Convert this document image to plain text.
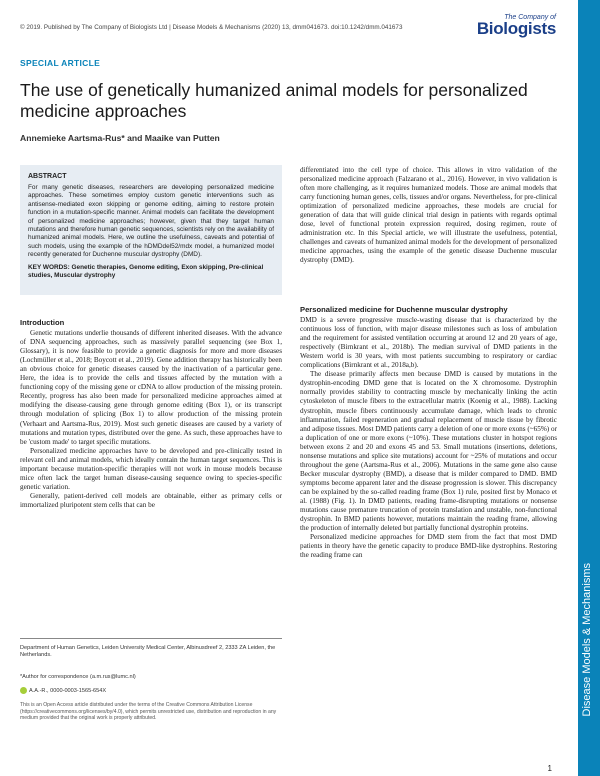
© 2019. Published by The Company of Biologists Ltd | Disease Models & Mechanisms (2020) 13, dmm041673. doi:10.1242/dmm.041673
The Company of
Biologists
Disease Models & Mechanisms
SPECIAL ARTICLE
The use of genetically humanized animal models for personalized medicine approaches
Annemieke Aartsma-Rus* and Maaike van Putten
ABSTRACT

For many genetic diseases, researchers are developing personalized medicine approaches. These sometimes employ custom genetic interventions such as antisense-mediated exon skipping or genome editing, aiming to restore protein function in a mutation-specific manner. Animal models can facilitate the development of personalized medicine approaches; however, given that they target human mutations and therefore human genetic sequences, scientists rely on the availability of humanized animal models. Here, we outline the usefulness, caveats and potential of such models, using the example of the hDMDdel52/mdx model, a humanized model recently generated for Duchenne muscular dystrophy (DMD).

KEY WORDS: Genetic therapies, Genome editing, Exon skipping, Pre-clinical studies, Muscular dystrophy
Introduction

Genetic mutations underlie thousands of different inherited diseases. With the advance of DNA sequencing approaches, such as massively parallel sequencing (see Box 1, Glossary), it is now feasible to provide a genetic diagnosis for more and more diseases (Lochmüller et al., 2018; Boycott et al., 2019). Gene addition therapy has historically been an obvious choice for genetic diseases caused by the inactivation of a particular gene. Here, the idea is to provide the cells and tissues affected by the mutation with a functioning copy of the missing gene or cDNA to allow production of the missing protein. Recently, progress has also been made for personalized medicine approaches aimed at modifying the disease-causing gene through genome editing (Box 1), or its transcript through modulation of splicing (Box 1) to allow production of the missing protein (Verhaart and Aartsma-Rus, 2019). Most such genetic diseases are caused by a variety of mutations and mutation types, distributed over the gene. As such, these approaches have to be 'custom made' to target specific mutations.

Personalized medicine approaches have to be developed and pre-clinically tested in relevant cell and animal models, which ideally contain the human target sequences. This is important because mutation-specific therapies will not work in mouse models because mice often lack the target human disease-causing sequence owing to species-specific genetic variation.

Generally, patient-derived cell models are obtainable, either as primary cells or immortalized pluripotent stem cells that can be

differentiated into the cell type of choice. This allows in vitro validation of the personalized medicine approach (Falzarano et al., 2016). However, in vivo validation is often more challenging, as it requires humanized models. Those are animal models that carry functioning human genes, cells, tissues and/or organs. Nevertheless, for pre-clinical optimization of personalized medicine approaches, these models are crucial for generation of data that will guide clinical trial design in patients with regards optimal dose, level of functional protein expression required, dosing regimen, route of administration etc. In this Special article, we will illustrate the usefulness, potential, challenges and caveats of humanized animal models for the development of personalized medicine approaches, using the example of the genetic disease Duchenne muscular dystrophy (DMD).

Personalized medicine for Duchenne muscular dystrophy

DMD is a severe progressive muscle-wasting disease that is characterized by the continuous loss of function, with major disease milestones such as loss of ambulation and the requirement for assisted ventilation occurring at around 12 and 20 years of age, respectively (Birnkrant et al., 2018b). The median survival of DMD patients in the Western world is 30 years, with most patients succumbing to respiratory or cardiac complications (Birnkrant et al., 2018a,b).

The disease primarily affects men because DMD is caused by mutations in the dystrophin-encoding DMD gene that is located on the X chromosome. Dystrophin normally provides stability to contracting muscle by mechanically linking the actin cytoskeleton of muscle fibers to the extracellular matrix (Koenig et al., 1988). Lacking dystrophin, muscle fibers continuously accumulate damage, which leads to chronic inflammation, failed regeneration and gradual replacement of muscle tissue by fibrotic and adipose tissues. Most DMD patients carry a deletion of one or more exons (~65%) or a duplication of one or more exons (~10%). These mutations cluster in hotspot regions between exons 2 and 20 and exons 45 and 53. Small mutations (insertions, deletions, nonsense mutations and splice site mutations) account for ~25% of mutations and occur throughout the gene (Aartsma-Rus et al., 2006). Mutations in the same gene also cause Becker muscular dystrophy (BMD), a disease that is milder compared to DMD. BMD symptoms become apparent later and the disease progression is slower. This discrepancy can be explained by the so-called reading frame (Box 1) rule, posited first by Monaco et al. (1988) (Fig. 1). In DMD patients, reading frame-disrupting mutations or nonsense mutations cause premature truncation of protein translation and unstable, non-functional dystrophin. In BMD patients however, mutations maintain the reading frame, allowing the production of internally deleted but partially functional dystrophin proteins.

Personalized medicine approaches for DMD stem from the fact that most DMD patients in theory have the genetic capacity to produce BMD-like dystrophins. Restoring the reading frame can

Department of Human Genetics, Leiden University Medical Center, Albinusdreef 2, 2333 ZA Leiden, the Netherlands.
*Author for correspondence (a.m.rus@lumc.nl)
A.A.-R., 0000-0003-1565-654X
This is an Open Access article distributed under the terms of the Creative Commons Attribution License (https://creativecommons.org/licenses/by/4.0), which permits unrestricted use, distribution and reproduction in any medium provided that the original work is properly attributed.
1
